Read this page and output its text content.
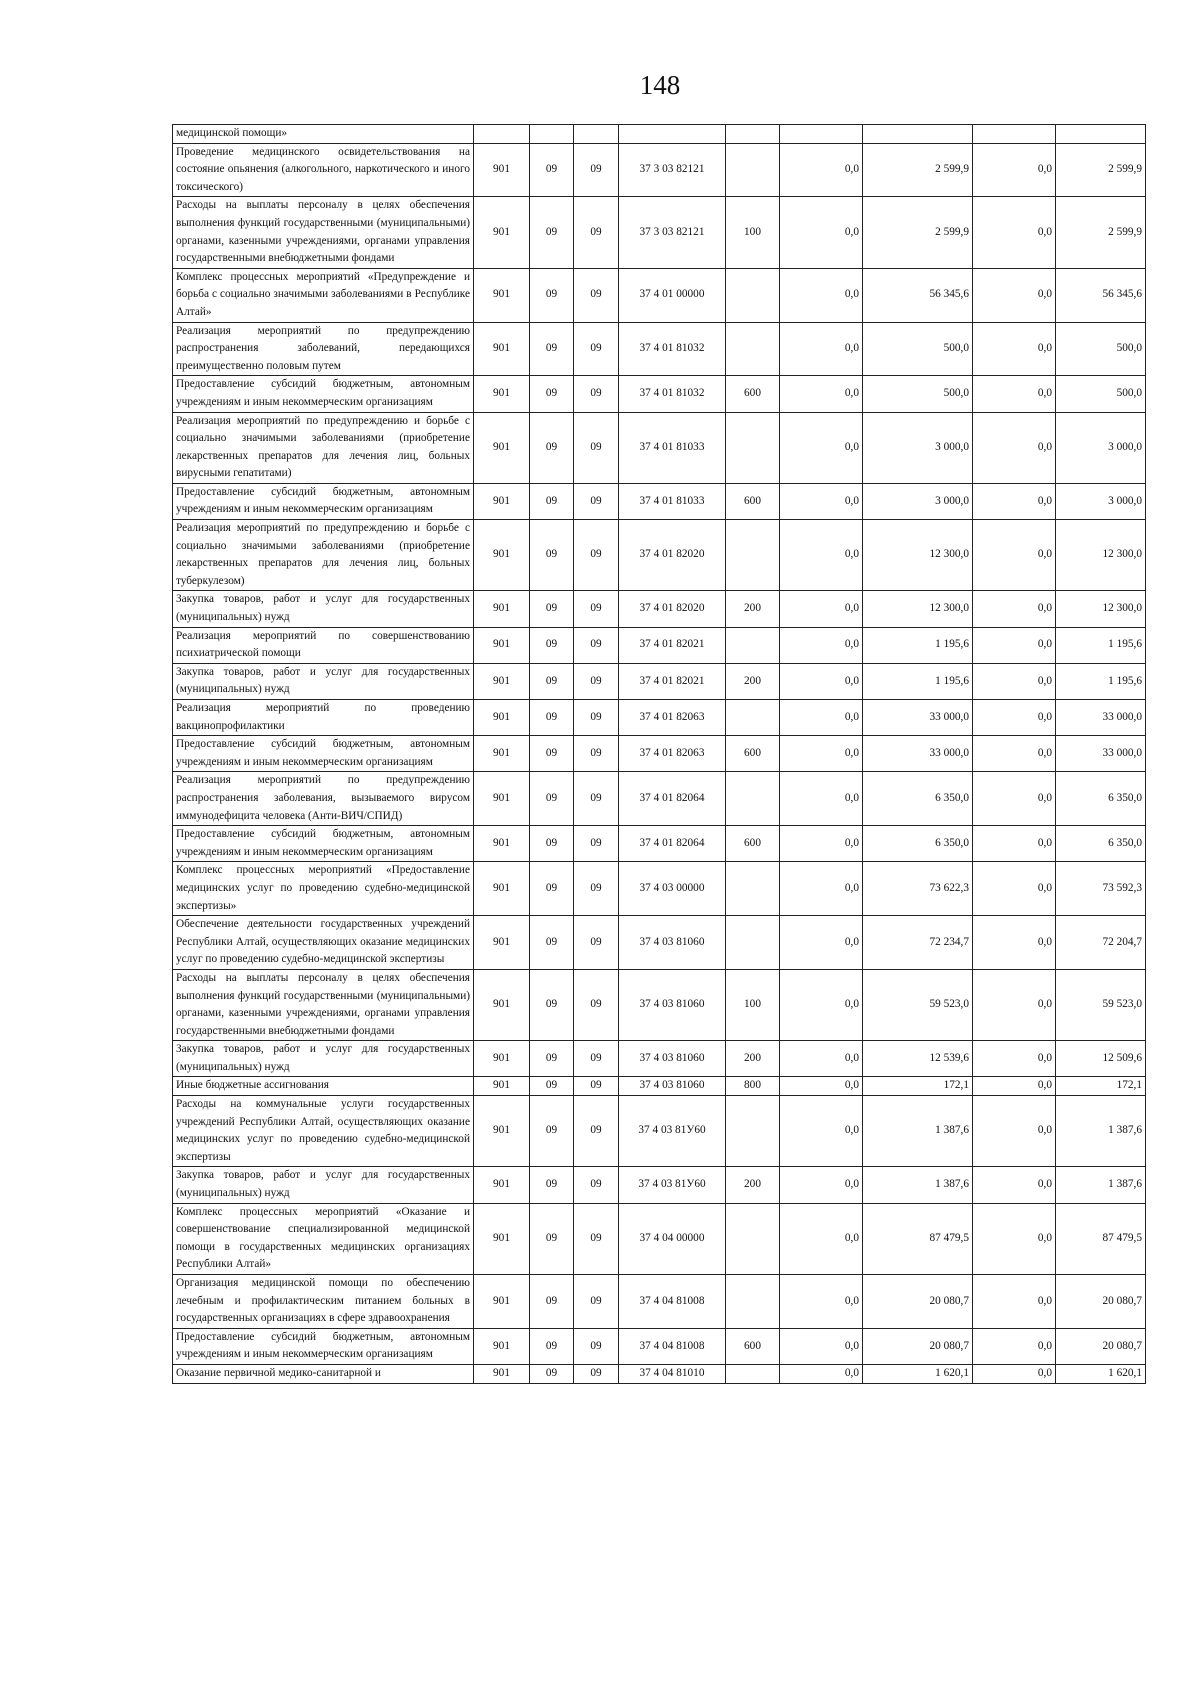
148
медицинской помощи»									
Проведение медицинского освидетельствования на состояние опьянения (алкогольного, наркотического и иного токсического)	901	09	09	37 3 03 82121		0,0	2 599,9	0,0	2 599,9
Расходы на выплаты персоналу в целях обеспечения выполнения функций государственными (муниципальными) органами, казенными учреждениями, органами управления государственными внебюджетными фондами	901	09	09	37 3 03 82121	100	0,0	2 599,9	0,0	2 599,9
Комплекс процессных мероприятий «Предупреждение и борьба с социально значимыми заболеваниями в Республике Алтай»	901	09	09	37 4 01 00000		0,0	56 345,6	0,0	56 345,6
Реализация мероприятий по предупреждению распространения заболеваний, передающихся преимущественно половым путем	901	09	09	37 4 01 81032		0,0	500,0	0,0	500,0
Предоставление субсидий бюджетным, автономным учреждениям и иным некоммерческим организациям	901	09	09	37 4 01 81032	600	0,0	500,0	0,0	500,0
Реализация мероприятий по предупреждению и борьбе с социально значимыми заболеваниями (приобретение лекарственных препаратов для лечения лиц, больных вирусными гепатитами)	901	09	09	37 4 01 81033		0,0	3 000,0	0,0	3 000,0
Предоставление субсидий бюджетным, автономным учреждениям и иным некоммерческим организациям	901	09	09	37 4 01 81033	600	0,0	3 000,0	0,0	3 000,0
Реализация мероприятий по предупреждению и борьбе с социально значимыми заболеваниями (приобретение лекарственных препаратов для лечения лиц, больных туберкулезом)	901	09	09	37 4 01 82020		0,0	12 300,0	0,0	12 300,0
Закупка товаров, работ и услуг для государственных (муниципальных) нужд	901	09	09	37 4 01 82020	200	0,0	12 300,0	0,0	12 300,0
Реализация мероприятий по совершенствованию психиатрической помощи	901	09	09	37 4 01 82021		0,0	1 195,6	0,0	1 195,6
Закупка товаров, работ и услуг для государственных (муниципальных) нужд	901	09	09	37 4 01 82021	200	0,0	1 195,6	0,0	1 195,6
Реализация мероприятий по проведению вакцинопрофилактики	901	09	09	37 4 01 82063		0,0	33 000,0	0,0	33 000,0
Предоставление субсидий бюджетным, автономным учреждениям и иным некоммерческим организациям	901	09	09	37 4 01 82063	600	0,0	33 000,0	0,0	33 000,0
Реализация мероприятий по предупреждению распространения заболевания, вызываемого вирусом иммунодефицита человека (Анти-ВИЧ/СПИД)	901	09	09	37 4 01 82064		0,0	6 350,0	0,0	6 350,0
Предоставление субсидий бюджетным, автономным учреждениям и иным некоммерческим организациям	901	09	09	37 4 01 82064	600	0,0	6 350,0	0,0	6 350,0
Комплекс процессных мероприятий «Предоставление медицинских услуг по проведению судебно-медицинской экспертизы»	901	09	09	37 4 03 00000		0,0	73 622,3	0,0	73 592,3
Обеспечение деятельности государственных учреждений Республики Алтай, осуществляющих оказание медицинских услуг по проведению судебно-медицинской экспертизы	901	09	09	37 4 03 81060		0,0	72 234,7	0,0	72 204,7
Расходы на выплаты персоналу в целях обеспечения выполнения функций государственными (муниципальными) органами, казенными учреждениями, органами управления государственными внебюджетными фондами	901	09	09	37 4 03 81060	100	0,0	59 523,0	0,0	59 523,0
Закупка товаров, работ и услуг для государственных (муниципальных) нужд	901	09	09	37 4 03 81060	200	0,0	12 539,6	0,0	12 509,6
Иные бюджетные ассигнования	901	09	09	37 4 03 81060	800	0,0	172,1	0,0	172,1
Расходы на коммунальные услуги государственных учреждений Республики Алтай, осуществляющих оказание медицинских услуг по проведению судебно-медицинской экспертизы	901	09	09	37 4 03 81У60		0,0	1 387,6	0,0	1 387,6
Закупка товаров, работ и услуг для государственных (муниципальных) нужд	901	09	09	37 4 03 81У60	200	0,0	1 387,6	0,0	1 387,6
Комплекс процессных мероприятий «Оказание и совершенствование специализированной медицинской помощи в государственных медицинских организациях Республики Алтай»	901	09	09	37 4 04 00000		0,0	87 479,5	0,0	87 479,5
Организация медицинской помощи по обеспечению лечебным и профилактическим питанием больных в государственных организациях в сфере здравоохранения	901	09	09	37 4 04 81008		0,0	20 080,7	0,0	20 080,7
Предоставление субсидий бюджетным, автономным учреждениям и иным некоммерческим организациям	901	09	09	37 4 04 81008	600	0,0	20 080,7	0,0	20 080,7
Оказание первичной медико-санитарной и	901	09	09	37 4 04 81010		0,0	1 620,1	0,0	1 620,1
